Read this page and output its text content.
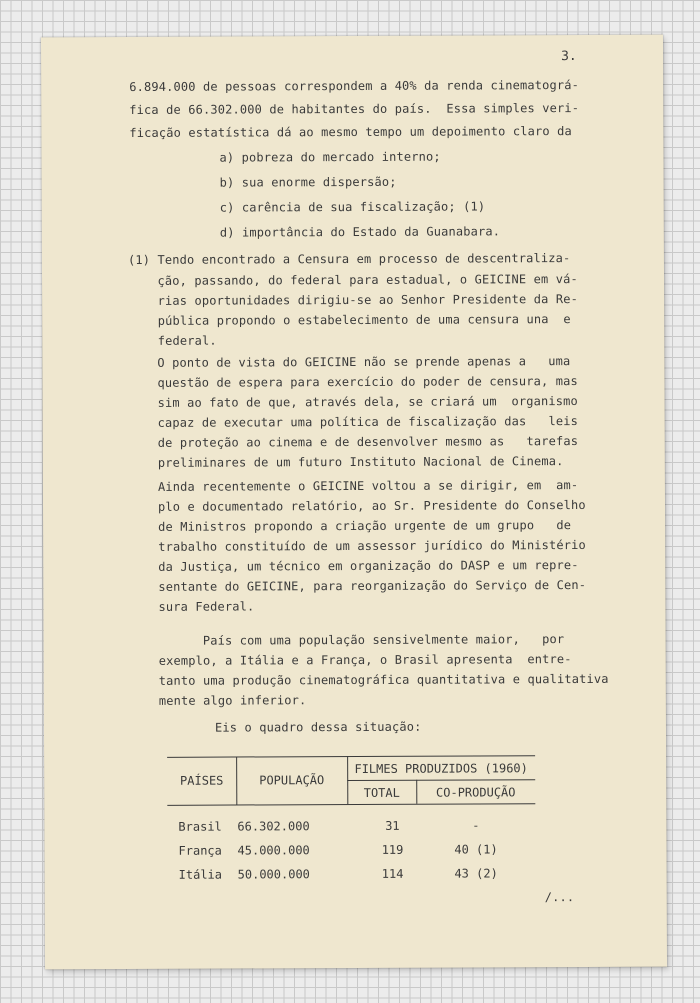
3.
6.894.000 de pessoas correspondem a 40% da renda cinematográ-
fica de 66.302.000 de habitantes do país.  Essa simples veri-
ficação estatística dá ao mesmo tempo um depoimento claro da
a) pobreza do mercado interno;
b) sua enorme dispersão;
c) carência de sua fiscalização; (1)
d) importância do Estado da Guanabara.
(1) Tendo encontrado a Censura em processo de descentraliza-
ção, passando, do federal para estadual, o GEICINE em vá-
rias oportunidades dirigiu-se ao Senhor Presidente da Re-
pública propondo o estabelecimento de uma censura una  e
federal.
O ponto de vista do GEICINE não se prende apenas a   uma
questão de espera para exercício do poder de censura, mas
sim ao fato de que, através dela, se criará um  organismo
capaz de executar uma política de fiscalização das   leis
de proteção ao cinema e de desenvolver mesmo as   tarefas
preliminares de um futuro Instituto Nacional de Cinema.
Ainda recentemente o GEICINE voltou a se dirigir, em  am-
plo e documentado relatório, ao Sr. Presidente do Conselho
de Ministros propondo a criação urgente de um grupo   de
trabalho constituído de um assessor jurídico do Ministério
da Justiça, um técnico em organização do DASP e um repre-
sentante do GEICINE, para reorganização do Serviço de Cen-
sura Federal.
País com uma população sensivelmente maior,   por
exemplo, a Itália e a França, o Brasil apresenta  entre-
tanto uma produção cinematográfica quantitativa e qualitativa
mente algo inferior.
Eis o quadro dessa situação:
PAÍSES	POPULAÇÃO
FILMES PRODUZIDOS (1960)
TOTAL	CO-PRODUÇÃO
Brasil 66.302.000	31	-
França 45.000.000	119	40 (1)
Itália 50.000.000	114	43 (2)
/...
